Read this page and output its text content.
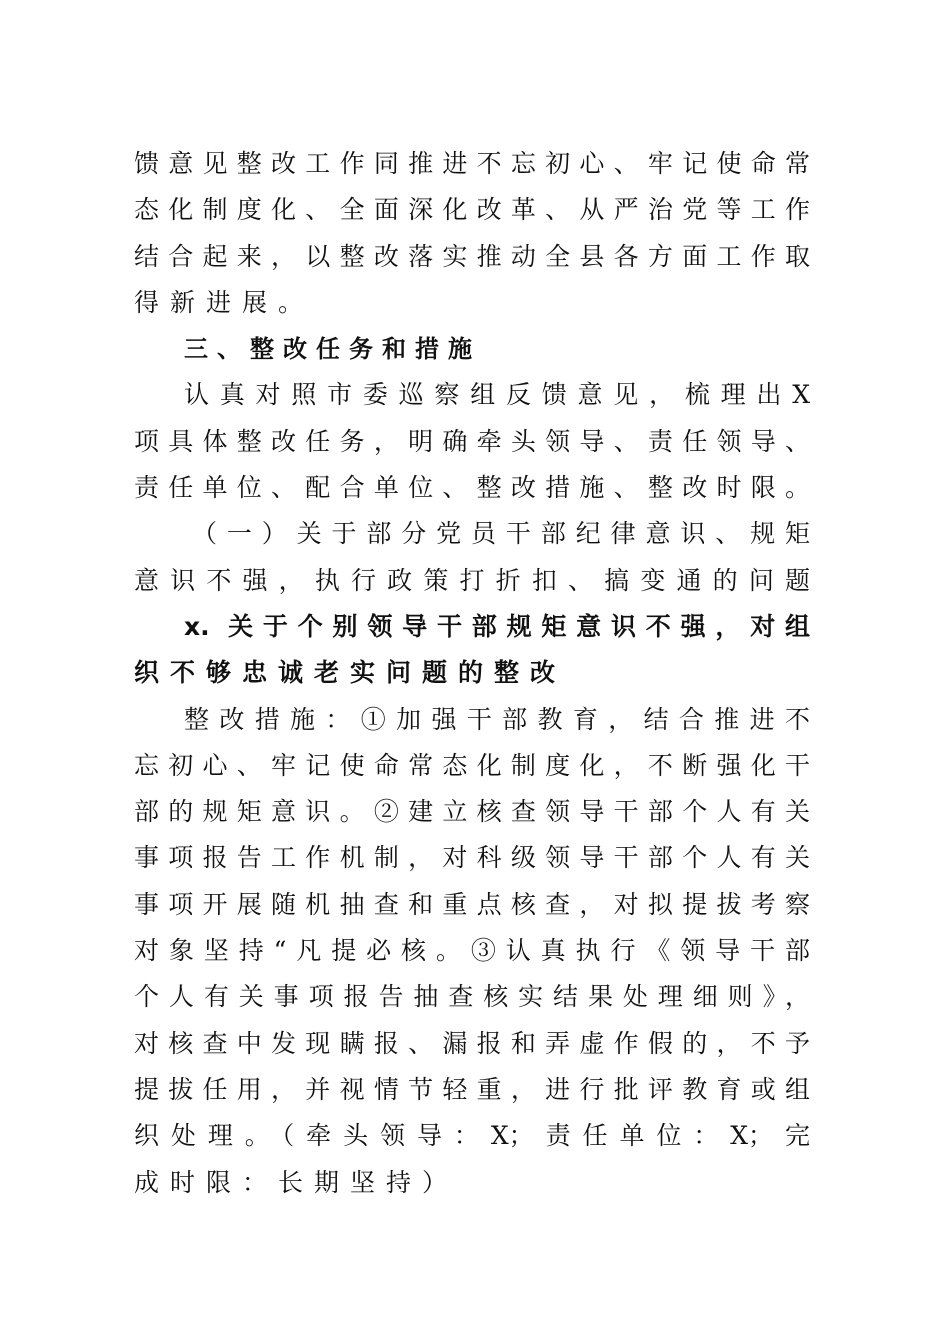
馈意见整改工作同推进不忘初心、牢记使命常
态化制度化、全面深化改革、从严治党等工作
结合起来，以整改落实推动全县各方面工作取
得新进展。
三、整改任务和措施
认真对照市委巡察组反馈意见，梳理出X
项具体整改任务，明确牵头领导、责任领导、
责任单位、配合单位、整改措施、整改时限。
（一）关于部分党员干部纪律意识、规矩
意识不强，执行政策打折扣、搞变通的问题
x. 关于个别领导干部规矩意识不强，对组
织不够忠诚老实问题的整改
整改措施：①加强干部教育，结合推进不
忘初心、牢记使命常态化制度化，不断强化干
部的规矩意识。②建立核查领导干部个人有关
事项报告工作机制，对科级领导干部个人有关
事项开展随机抽查和重点核查，对拟提拔考察
对象坚持“凡提必核。③认真执行《领导干部
个人有关事项报告抽查核实结果处理细则》，
对核查中发现瞒报、漏报和弄虚作假的，不予
提拔任用，并视情节轻重，进行批评教育或组
织处理。（牵头领导：X；责任单位：X；完
成时限：长期坚持）
